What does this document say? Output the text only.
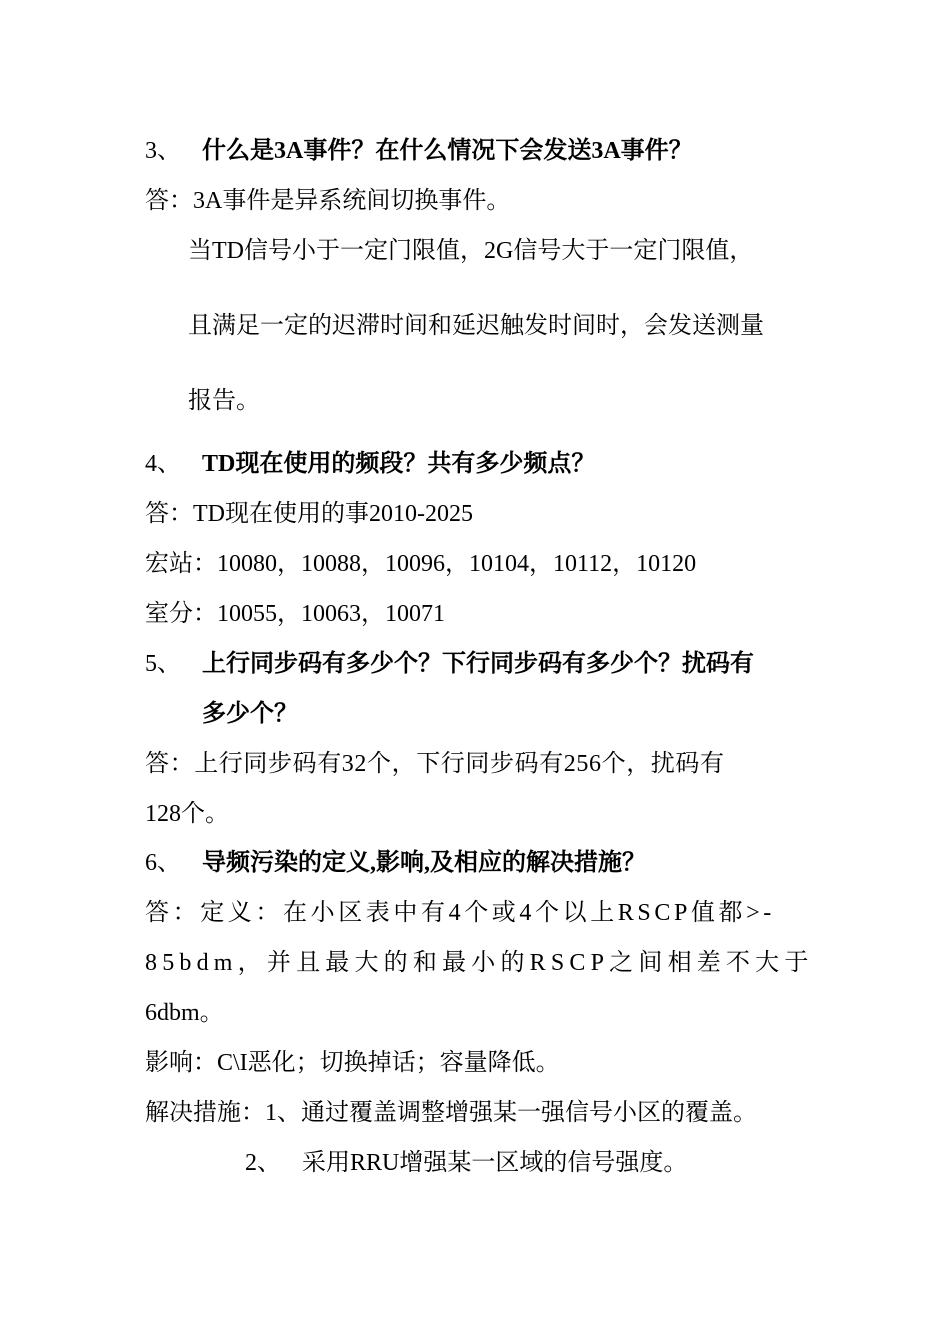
3、 什么是3A事件？在什么情况下会发送3A事件？
答：3A事件是异系统间切换事件。
当TD信号小于一定门限值，2G信号大于一定门限值，
且满足一定的迟滞时间和延迟触发时间时，会发送测量
报告。
4、 TD现在使用的频段？共有多少频点？
答：TD现在使用的事2010-2025
宏站：10080，10088，10096，10104，10112，10120
室分：10055，10063，10071
5、 上行同步码有多少个？下行同步码有多少个？扰码有
多少个？
答：上行同步码有32个，下行同步码有256个，扰码有
128个。
6、 导频污染的定义,影响,及相应的解决措施？
答：定义：在小区表中有4个或4个以上RSCP值都>-
85bdm，并且最大的和最小的RSCP之间相差不大于
6dbm。
影响：C\I恶化；切换掉话；容量降低。
解决措施：1、通过覆盖调整增强某一强信号小区的覆盖。
2、 采用RRU增强某一区域的信号强度。
